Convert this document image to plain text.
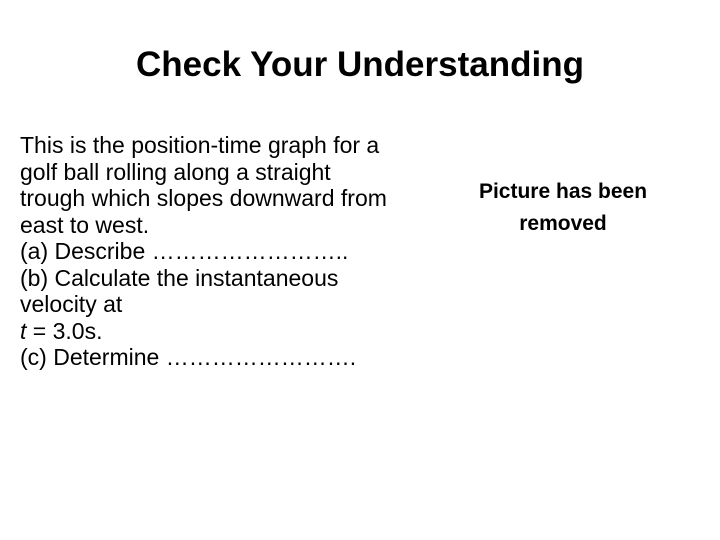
Check Your Understanding
This is the position-time graph for a golf ball rolling along a straight trough which slopes downward from east to west.
(a) Describe ……………………..
(b) Calculate the instantaneous velocity at
t = 3.0s.
(c) Determine …………………….
Picture has been removed
